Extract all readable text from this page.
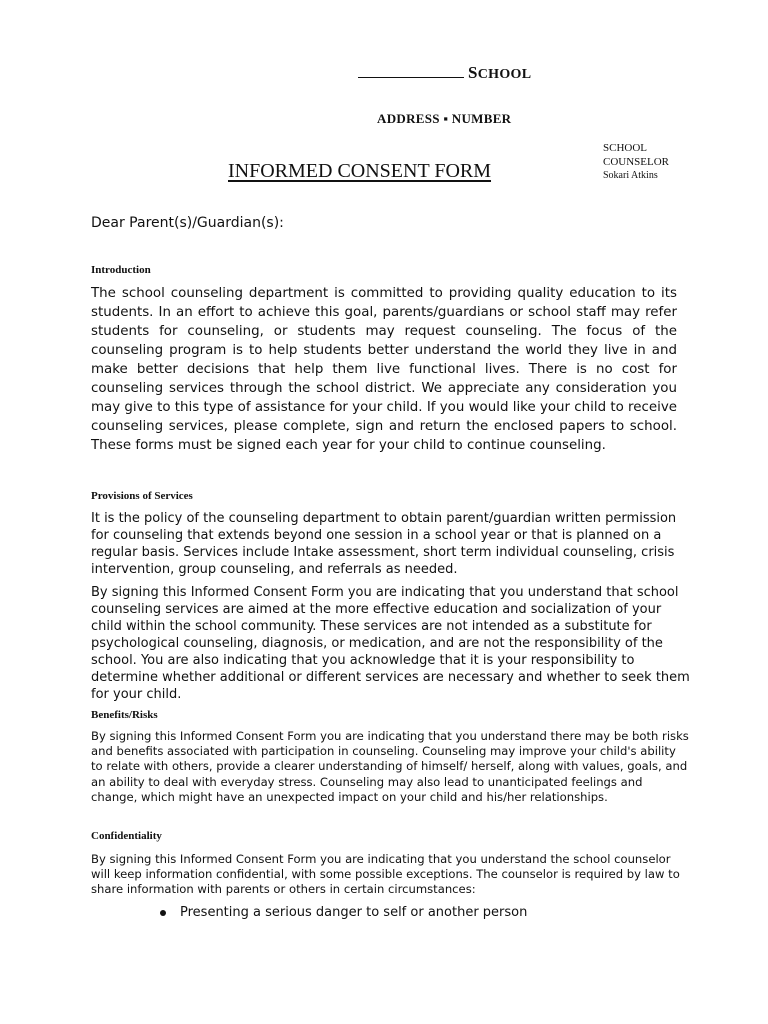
SCHOOL
ADDRESS ▪ NUMBER
SCHOOL COUNSELOR
Sokari Atkins
INFORMED CONSENT FORM
Dear Parent(s)/Guardian(s):
Introduction

The school counseling department is committed to providing quality education to its students. In an effort to achieve this goal, parents/guardians or school staff may refer students for counseling, or students may request counseling. The focus of the counseling program is to help students better understand the world they live in and make better decisions that help them live functional lives. There is no cost for counseling services through the school district. We appreciate any consideration you may give to this type of assistance for your child. If you would like your child to receive counseling services, please complete, sign and return the enclosed papers to school. These forms must be signed each year for your child to continue counseling.

Provisions of Services

It is the policy of the counseling department to obtain parent/guardian written permission for counseling that extends beyond one session in a school year or that is planned on a regular basis. Services include Intake assessment, short term individual counseling, crisis intervention, group counseling, and referrals as needed.

By signing this Informed Consent Form you are indicating that you understand that school counseling services are aimed at the more effective education and socialization of your child within the school community. These services are not intended as a substitute for psychological counseling, diagnosis, or medication, and are not the responsibility of the school. You are also indicating that you acknowledge that it is your responsibility to determine whether additional or different services are necessary and whether to seek them for your child.

Benefits/Risks

By signing this Informed Consent Form you are indicating that you understand there may be both risks and benefits associated with participation in counseling. Counseling may improve your child's ability to relate with others, provide a clearer understanding of himself/ herself, along with values, goals, and an ability to deal with everyday stress. Counseling may also lead to unanticipated feelings and change, which might have an unexpected impact on your child and his/her relationships.

Confidentiality

By signing this Informed Consent Form you are indicating that you understand the school counselor will keep information confidential, with some possible exceptions. The counselor is required by law to share information with parents or others in certain circumstances:

Presenting a serious danger to self or another person
